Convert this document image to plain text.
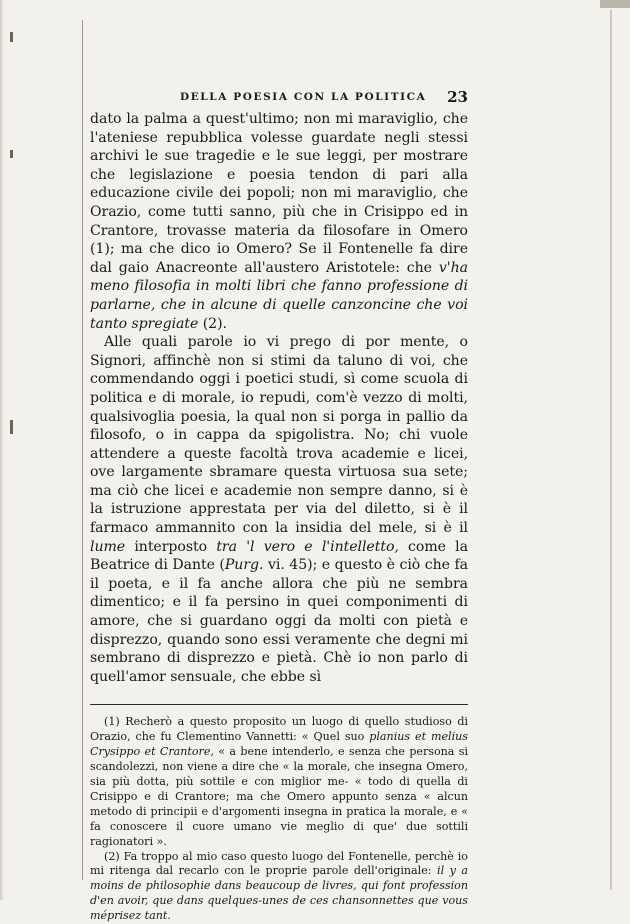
DELLA POESIA CON LA POLITICA 23

dato la palma a quest'ultimo; non mi maraviglio, che l'ateniese repubblica volesse guardate negli stessi archivi le sue tragedie e le sue leggi, per mostrare che legislazione e poesia tendon di pari alla educazione civile dei popoli; non mi maraviglio, che Orazio, come tutti sanno, più che in Crisippo ed in Crantore, trovasse materia da filosofare in Omero (1); ma che dico io Omero? Se il Fontenelle fa dire dal gaio Anacreonte all'austero Aristotele: che v'ha meno filosofia in molti libri che fanno professione di parlarne, che in alcune di quelle canzoncine che voi tanto spregiate (2).

Alle quali parole io vi prego di por mente, o Signori, affinchè non si stimi da taluno di voi, che commendando oggi i poetici studi, sì come scuola di politica e di morale, io repudi, com'è vezzo di molti, qualsivoglia poesia, la qual non si porga in pallio da filosofo, o in cappa da spigolistra. No; chi vuole attendere a queste facoltà trova academie e licei, ove largamente sbramare questa virtuosa sua sete; ma ciò che licei e academie non sempre danno, si è la istruzione apprestata per via del diletto, si è il farmaco ammannito con la insidia del mele, si è il lume interposto tra 'l vero e l'intelletto, come la Beatrice di Dante (Purg. vi. 45); e questo è ciò che fa il poeta, e il fa anche allora che più ne sembra dimentico; e il fa persino in quei componimenti di amore, che si guardano oggi da molti con pietà e disprezzo, quando sono essi veramente che degni mi sembrano di disprezzo e pietà. Chè io non parlo di quell'amor sensuale, che ebbe sì

(1) Recherò a questo proposito un luogo di quello studioso di Orazio, che fu Clementino Vannetti: « Quel suo planius et melius Crysippo et Crantore, « a bene intenderlo, e senza che persona si scandolezzi, non viene a dire che « la morale, che insegna Omero, sia più dotta, più sottile e con miglior me- « todo di quella di Crisippo e di Crantore; ma che Omero appunto senza « alcun metodo di principii e d'argomenti insegna in pratica la morale, e « fa conoscere il cuore umano vie meglio di que' due sottili ragionatori ».

(2) Fa troppo al mio caso questo luogo del Fontenelle, perchè io mi ritenga dal recarlo con le proprie parole dell'originale: il y a moins de philosophie dans beaucoup de livres, qui font profession d'en avoir, que dans quelques-unes de ces chansonnettes que vous méprisez tant.
